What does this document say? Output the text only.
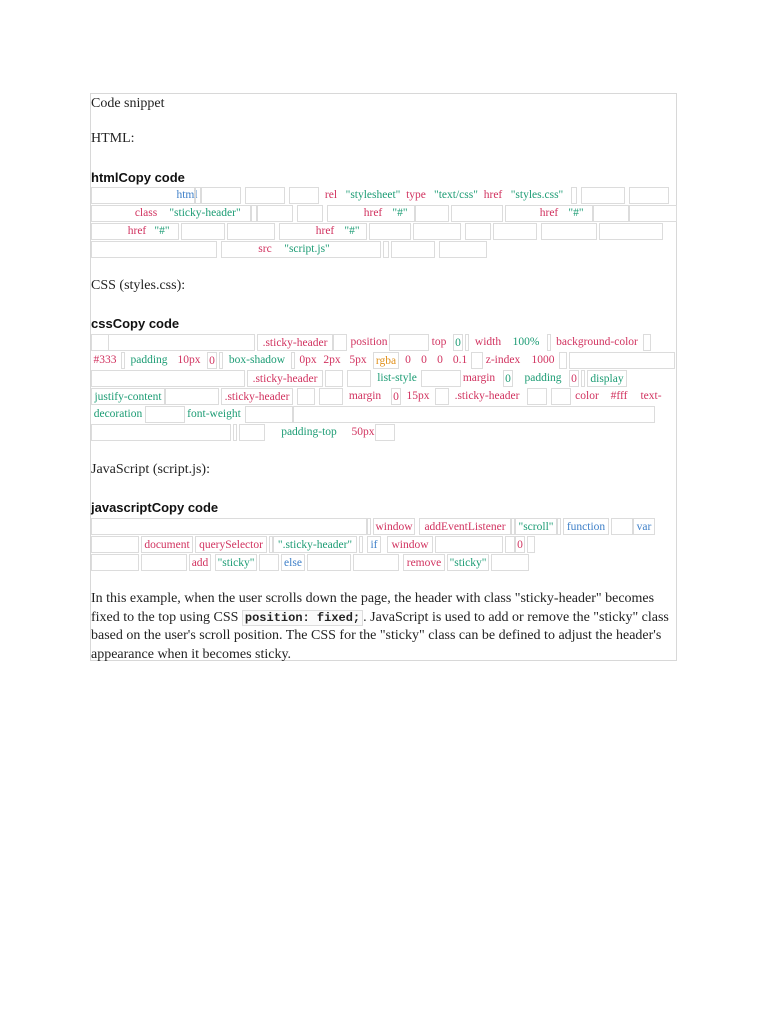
Code snippet
HTML:
htmlCopy code
html	rel "stylesheet" type "text/css" href "styles.css"
class	"sticky-header"	href "#"	href "#"
href "#"	href "#"
src	"script.js"
CSS (styles.css):
cssCopy code
.sticky-header	position	top 0	width 100%	background-color
#333	padding 10px 0	box-shadow	0px 2px 5px rgba 0 0 0 0.1 z-index 1000
.sticky-header	list-style	margin 0	padding 0 display
justify-content	.sticky-header	margin	0 15px	.sticky-header	color	#fff	text-
decoration	font-weight
padding-top	50px
JavaScript (script.js):
javascriptCopy code
window	addEventListener	"scroll"	function	var
document querySelector	".sticky-header"	if	window	0
add "sticky"	else	remove "sticky"
In this example, when the user scrolls down the page, the header with class "sticky-header" becomes fixed to the top using CSS position: fixed; . JavaScript is used to add or remove the "sticky" class based on the user's scroll position. The CSS for the "sticky" class can be defined to adjust the header's appearance when it becomes sticky.
